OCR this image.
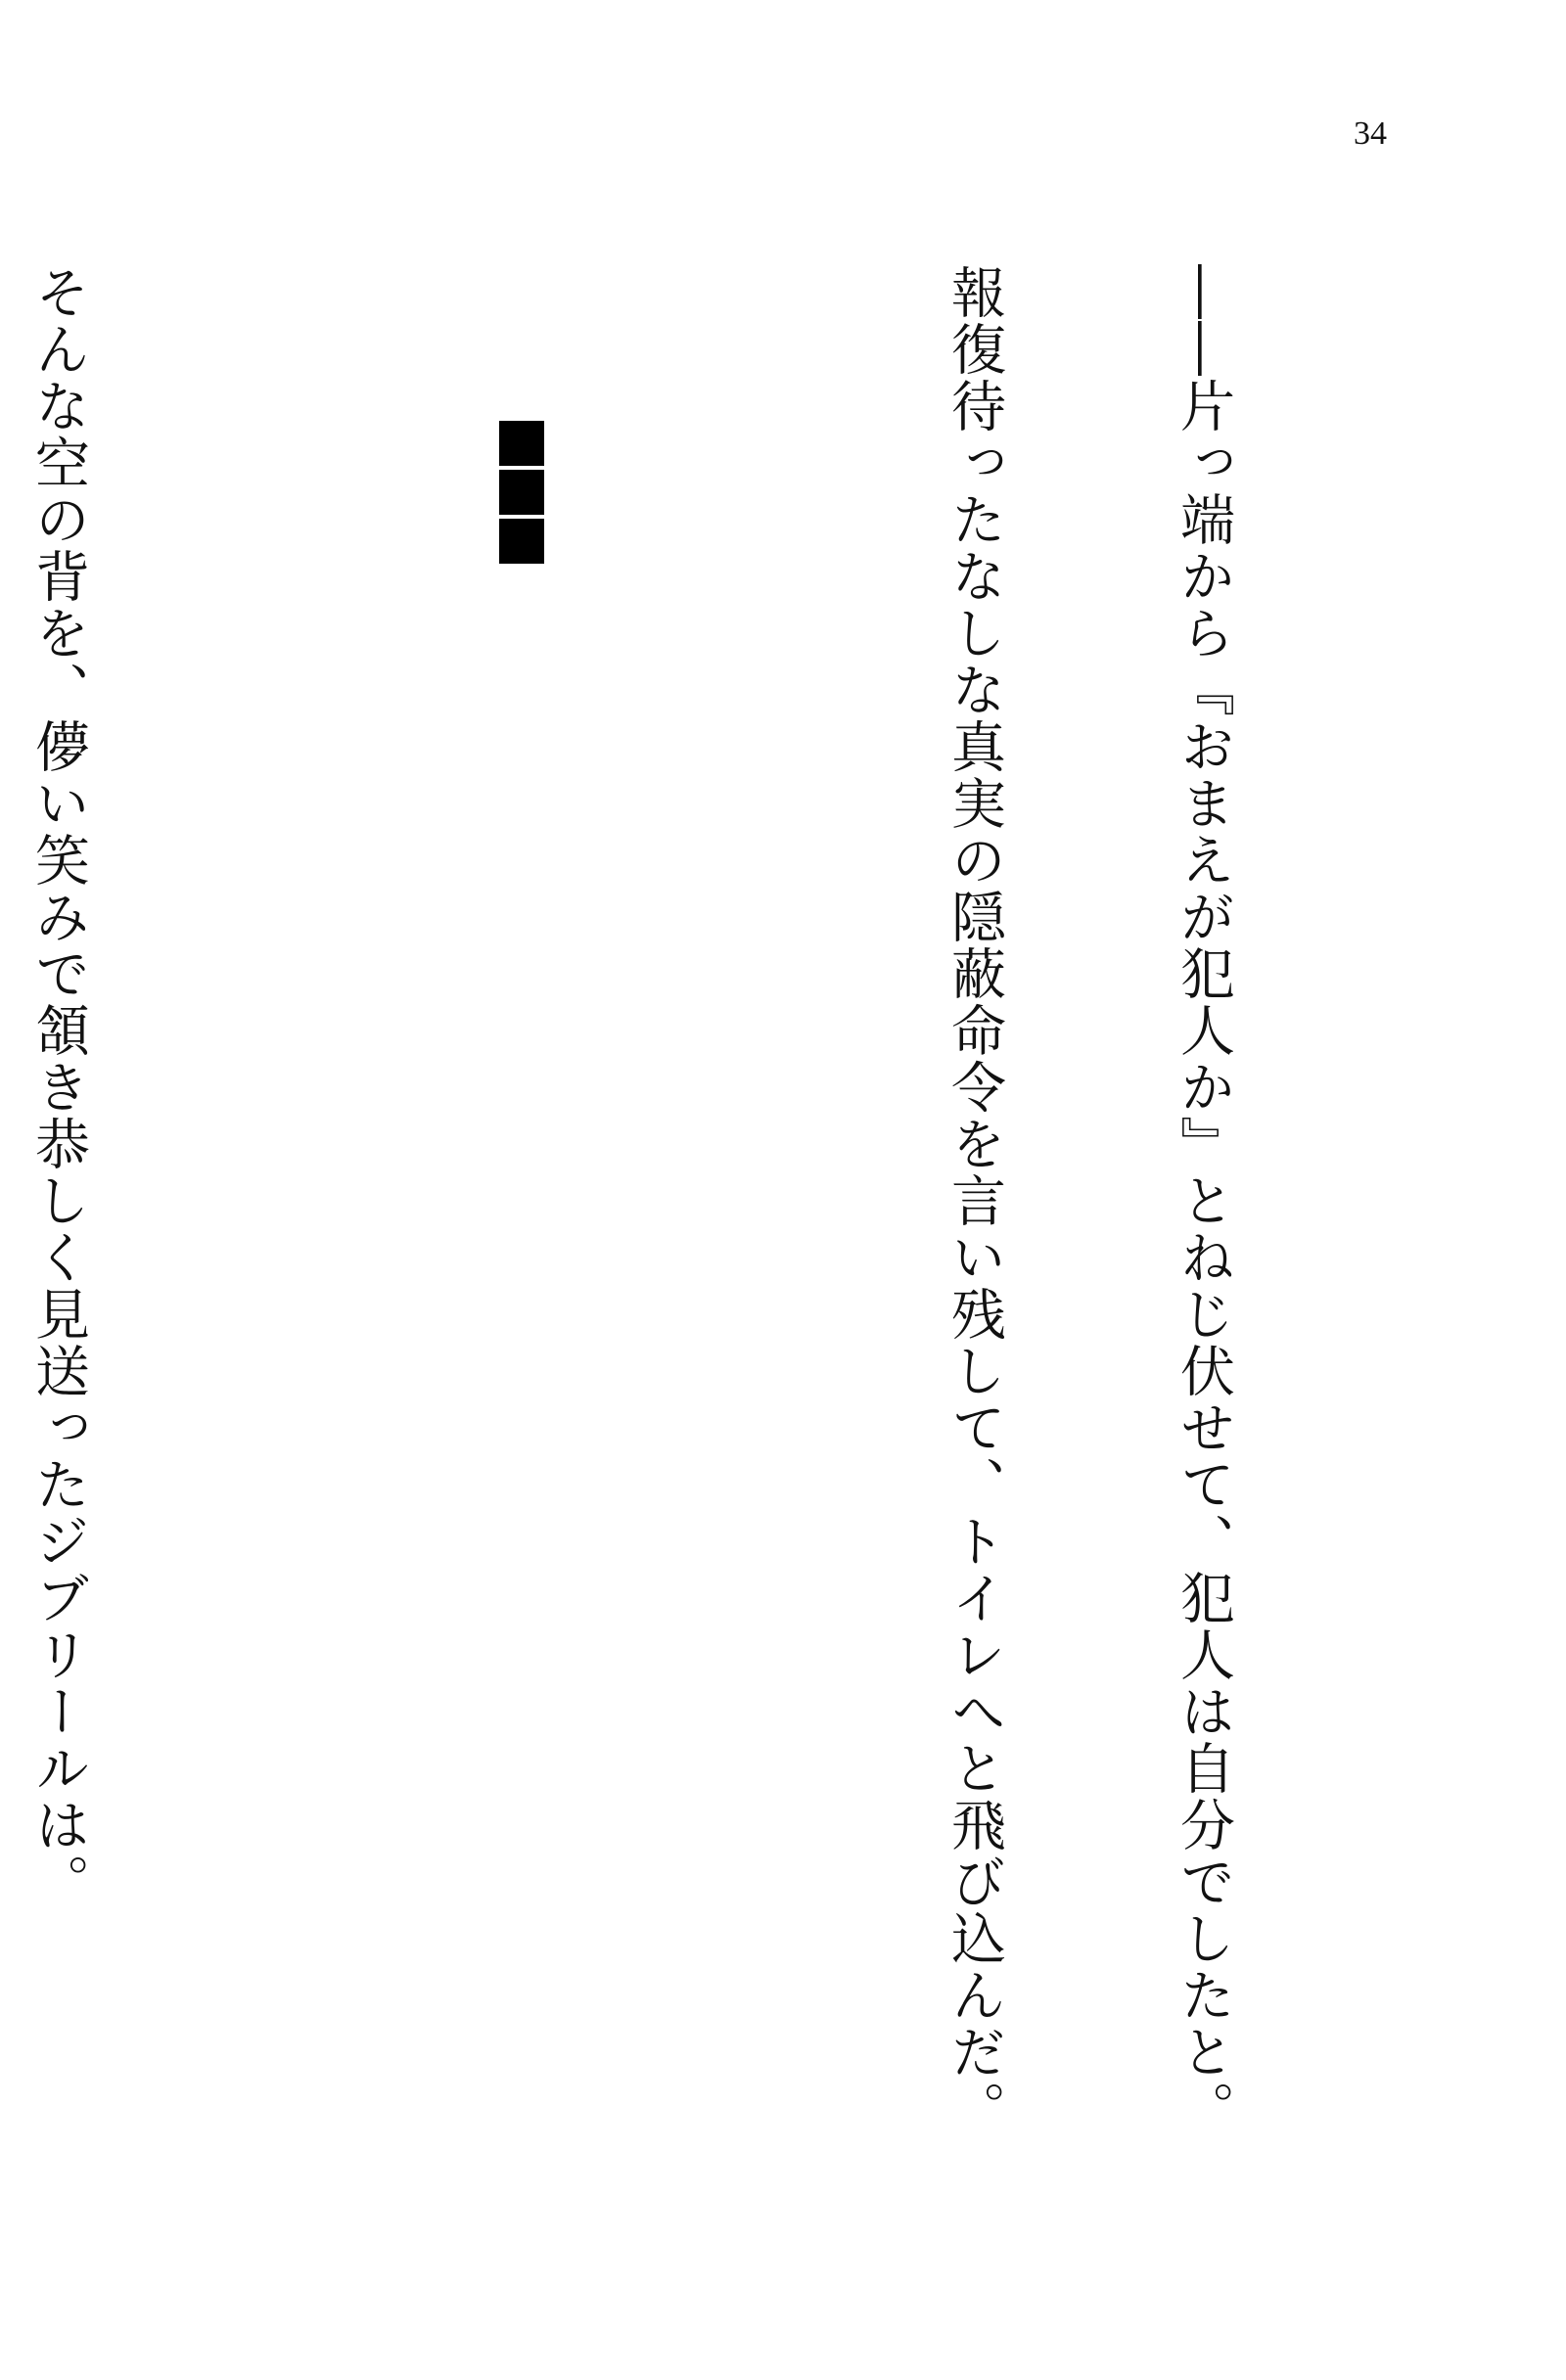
34

――片っ端から『おまえが犯人か』とねじ伏せて、犯人は自分でしたと。

報復待ったなしな真実の隠蔽命令を言い残して、トイレへと飛び込んだ。

そんな空の背を、儚い笑みで頷き恭しく見送ったジブリールは。
